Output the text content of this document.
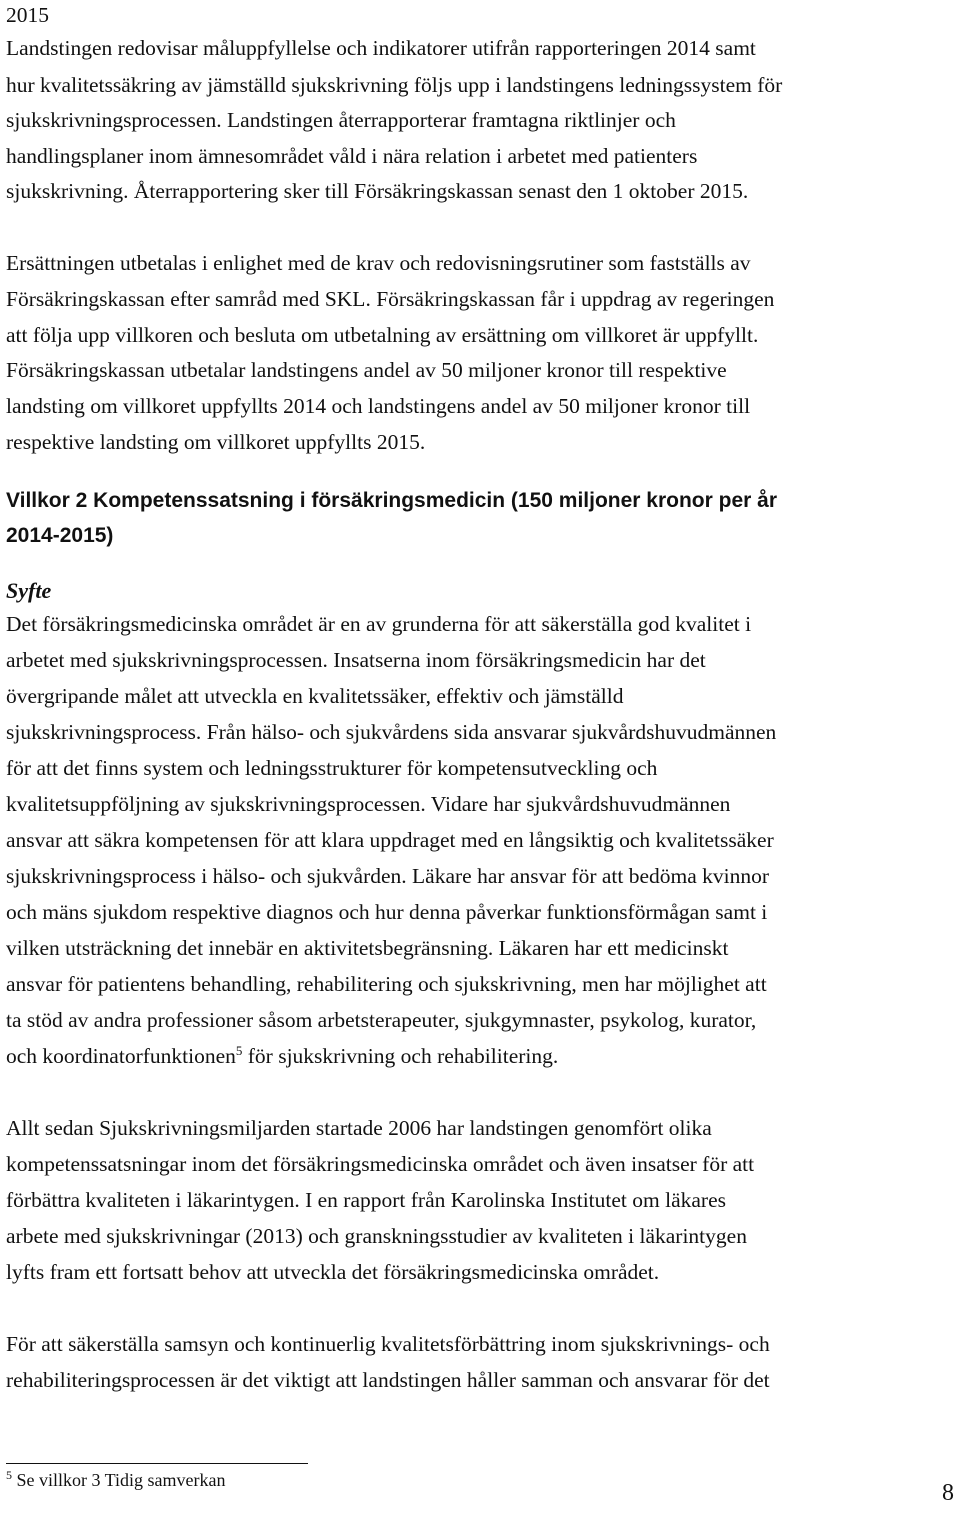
2015
Landstingen redovisar måluppfyllelse och indikatorer utifrån rapporteringen 2014 samt
hur kvalitetssäkring av jämställd sjukskrivning följs upp i landstingens ledningssystem för
sjukskrivningsprocessen. Landstingen återrapporterar framtagna riktlinjer och
handlingsplaner inom ämnesområdet våld i nära relation i arbetet med patienters
sjukskrivning. Återrapportering sker till Försäkringskassan senast den 1 oktober 2015.
Ersättningen utbetalas i enlighet med de krav och redovisningsrutiner som fastställs av
Försäkringskassan efter samråd med SKL. Försäkringskassan får i uppdrag av regeringen
att följa upp villkoren och besluta om utbetalning av ersättning om villkoret är uppfyllt.
Försäkringskassan utbetalar landstingens andel av 50 miljoner kronor till respektive
landsting om villkoret uppfyllts 2014 och landstingens andel av 50 miljoner kronor till
respektive landsting om villkoret uppfyllts 2015.
Villkor 2 Kompetenssatsning i försäkringsmedicin (150 miljoner kronor per år
2014-2015)
Syfte
Det försäkringsmedicinska området är en av grunderna för att säkerställa god kvalitet i
arbetet med sjukskrivningsprocessen. Insatserna inom försäkringsmedicin har det
övergripande målet att utveckla en kvalitetssäker, effektiv och jämställd
sjukskrivningsprocess. Från hälso- och sjukvårdens sida ansvarar sjukvårdshuvudmännen
för att det finns system och ledningsstrukturer för kompetensutveckling och
kvalitetsuppföljning av sjukskrivningsprocessen. Vidare har sjukvårdshuvudmännen
ansvar att säkra kompetensen för att klara uppdraget med en långsiktig och kvalitetssäker
sjukskrivningsprocess i hälso- och sjukvården. Läkare har ansvar för att bedöma kvinnor
och mäns sjukdom respektive diagnos och hur denna påverkar funktionsförmågan samt i
vilken utsträckning det innebär en aktivitetsbegränsning. Läkaren har ett medicinskt
ansvar för patientens behandling, rehabilitering och sjukskrivning, men har möjlighet att
ta stöd av andra professioner såsom arbetsterapeuter, sjukgymnaster, psykolog, kurator,
och koordinatorfunktionen$^5$ för sjukskrivning och rehabilitering.
Allt sedan Sjukskrivningsmiljarden startade 2006 har landstingen genomfört olika
kompetenssatsningar inom det försäkringsmedicinska området och även insatser för att
förbättra kvaliteten i läkarintygen. I en rapport från Karolinska Institutet om läkares
arbete med sjukskrivningar (2013) och granskningsstudier av kvaliteten i läkarintygen
lyfts fram ett fortsatt behov att utveckla det försäkringsmedicinska området.
För att säkerställa samsyn och kontinuerlig kvalitetsförbättring inom sjukskrivnings- och
rehabiliteringsprocessen är det viktigt att landstingen håller samman och ansvarar för det
$^5$ Se villkor 3 Tidig samverkan	8
